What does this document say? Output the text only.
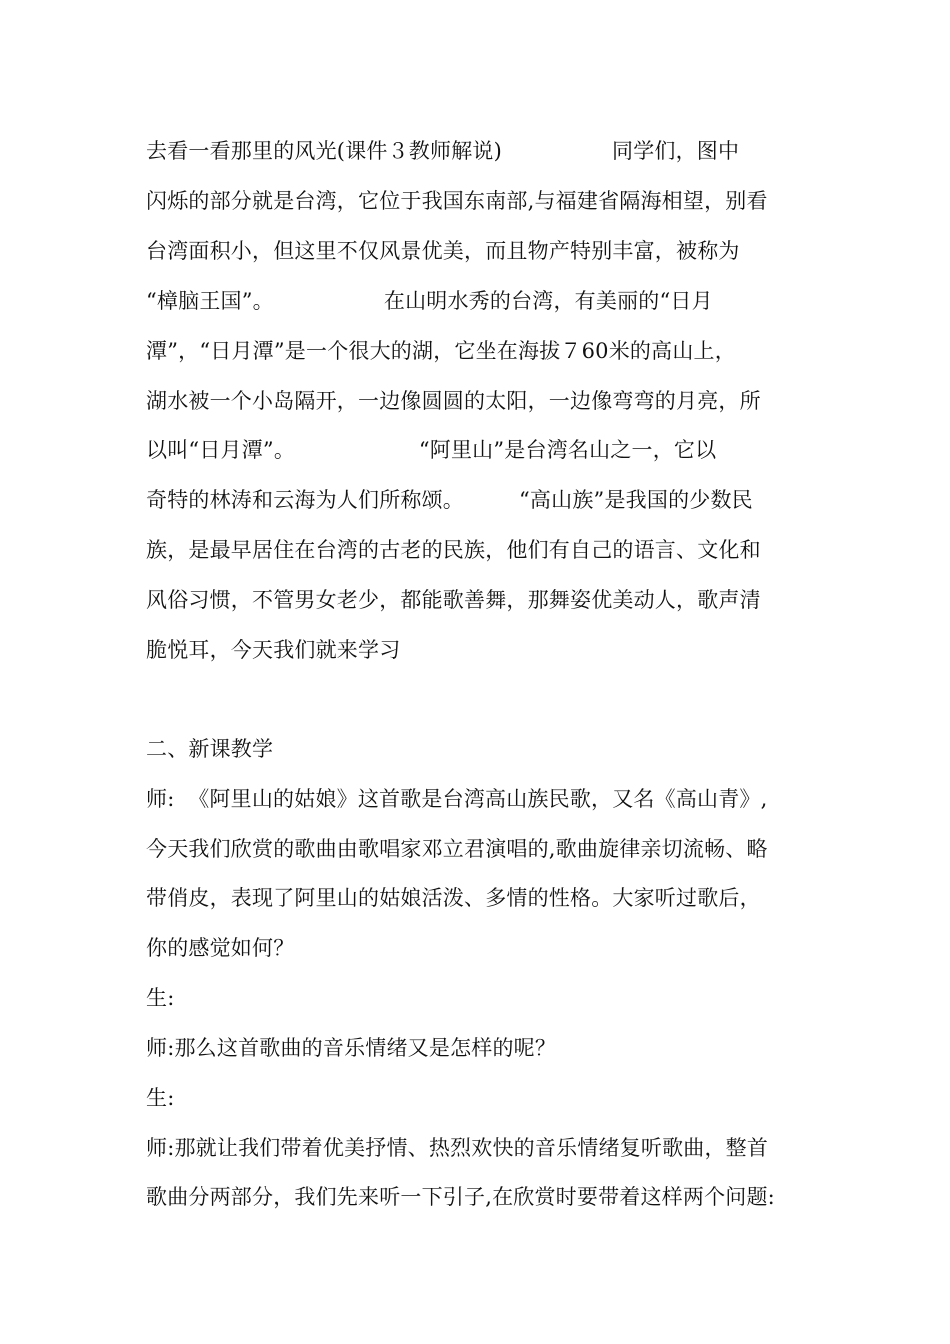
去看一看那里的风光(课件３教师解说)                同学们，图中
闪烁的部分就是台湾，它位于我国东南部,与福建省隔海相望，别看
台湾面积小，但这里不仅风景优美，而且物产特别丰富，被称为
“樟脑王国”。                在山明水秀的台湾，有美丽的“日月
潭”，“日月潭”是一个很大的湖，它坐在海拔７60米的高山上，
湖水被一个小岛隔开，一边像圆圆的太阳，一边像弯弯的月亮，所
以叫“日月潭”。                  “阿里山”是台湾名山之一，它以
奇特的林涛和云海为人们所称颂。        “高山族”是我国的少数民
族，是最早居住在台湾的古老的民族，他们有自己的语言、文化和
风俗习惯，不管男女老少，都能歌善舞，那舞姿优美动人，歌声清
脆悦耳，今天我们就来学习
二、新课教学
师:  《阿里山的姑娘》这首歌是台湾高山族民歌，又名《高山青》,
今天我们欣赏的歌曲由歌唱家邓立君演唱的,歌曲旋律亲切流畅、略
带俏皮，表现了阿里山的姑娘活泼、多情的性格。大家听过歌后，
你的感觉如何？
生:
师:那么这首歌曲的音乐情绪又是怎样的呢？
生:
师:那就让我们带着优美抒情、热烈欢快的音乐情绪复听歌曲，整首
歌曲分两部分，我们先来听一下引子,在欣赏时要带着这样两个问题:
